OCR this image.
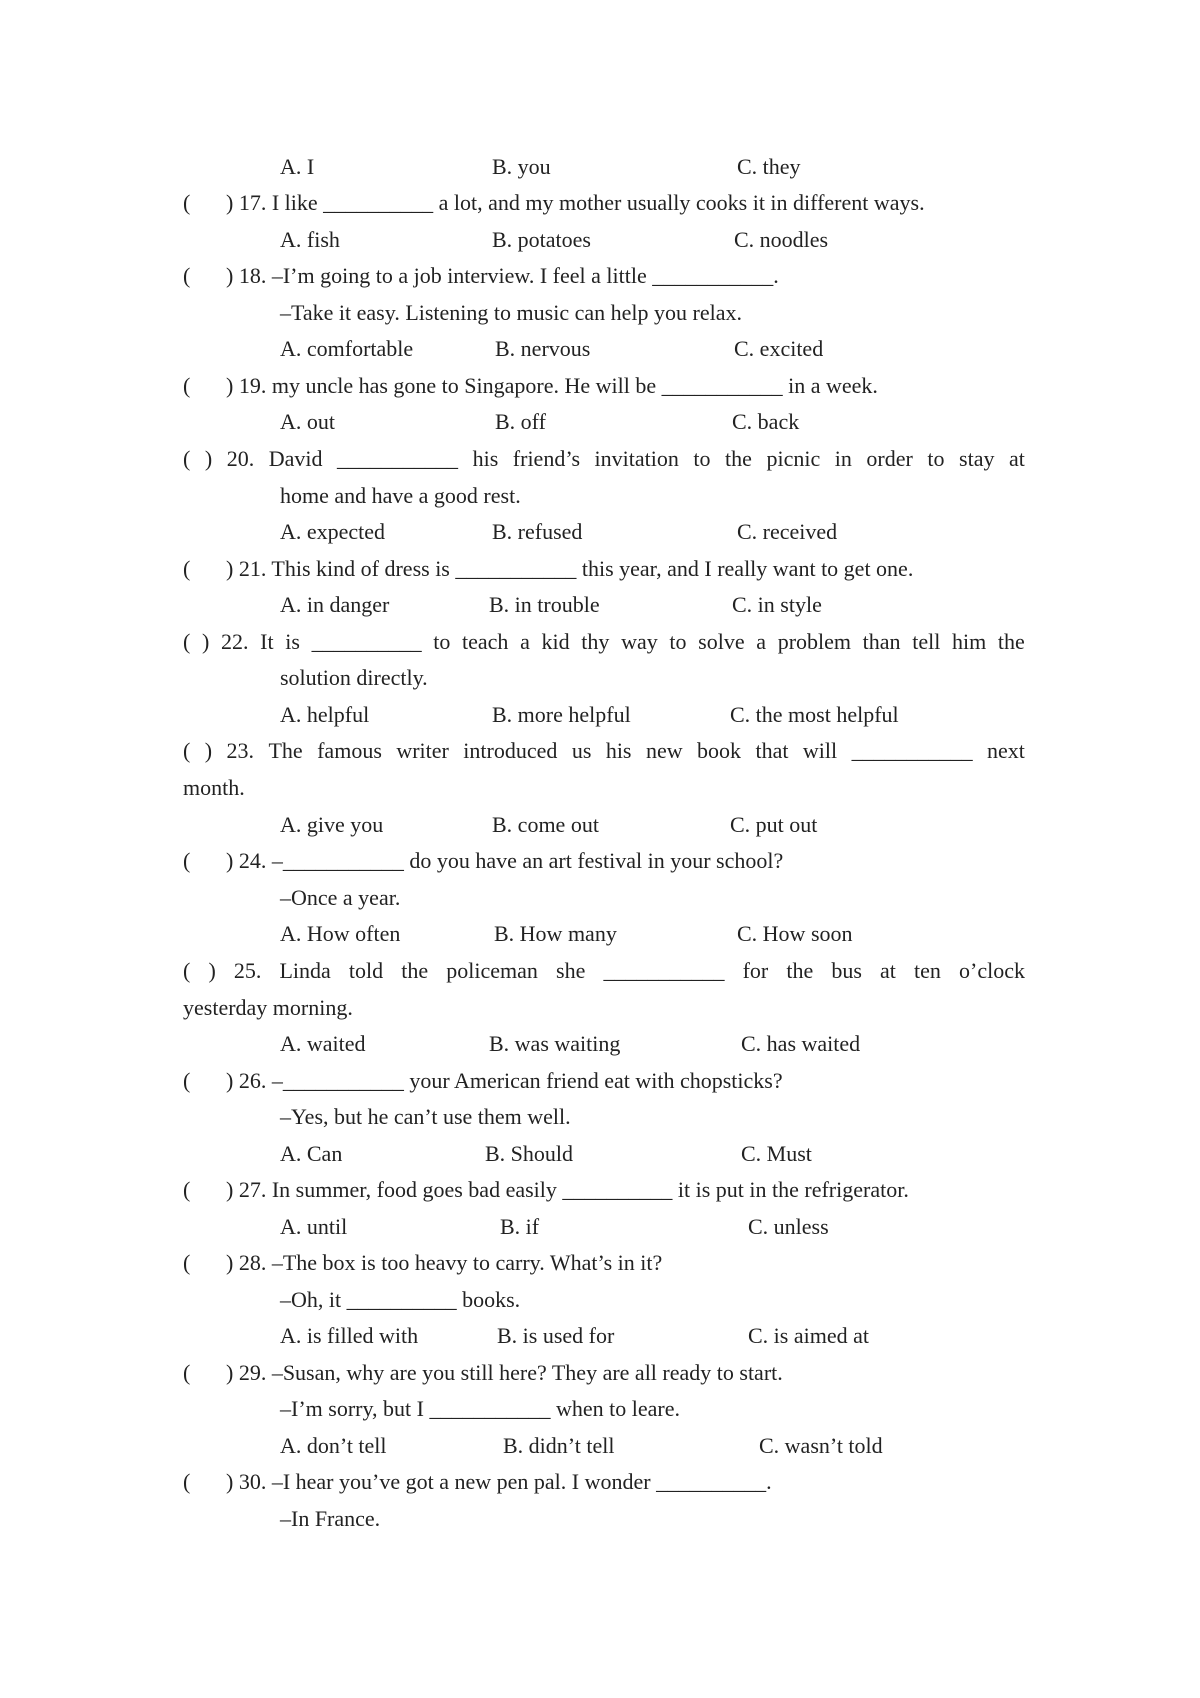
A. I	B. you	C. they
( ) 17. I like __________ a lot, and my mother usually cooks it in different ways.
A. fish	B. potatoes	C. noodles
( ) 18. –I’m going to a job interview. I feel a little ___________.
–Take it easy. Listening to music can help you relax.
A. comfortable	B. nervous	C. excited
( ) 19. my uncle has gone to Singapore. He will be ___________ in a week.
A. out	B. off	C. back
( ) 20. David ___________ his friend’s invitation to the picnic in order to stay at
home and have a good rest.
A. expected	B. refused	C. received
( ) 21. This kind of dress is ___________ this year, and I really want to get one.
A. in danger	B. in trouble	C. in style
( ) 22. It is __________ to teach a kid thy way to solve a problem than tell him the
solution directly.
A. helpful	B. more helpful	C. the most helpful
( ) 23. The famous writer introduced us his new book that will ___________ next
month.
A. give you	B. come out	C. put out
( ) 24. –___________ do you have an art festival in your school?
–Once a year.
A. How often	B. How many	C. How soon
( ) 25. Linda told the policeman she ___________ for the bus at ten o’clock
yesterday morning.
A. waited	B. was waiting	C. has waited
( ) 26. –___________ your American friend eat with chopsticks?
–Yes, but he can’t use them well.
A. Can	B. Should	C. Must
( ) 27. In summer, food goes bad easily __________ it is put in the refrigerator.
A. until	B. if	C. unless
( ) 28. –The box is too heavy to carry. What’s in it?
–Oh, it __________ books.
A. is filled with	B. is used for	C. is aimed at
( ) 29. –Susan, why are you still here? They are all ready to start.
–I’m sorry, but I ___________ when to leare.
A. don’t tell	B. didn’t tell	C. wasn’t told
( ) 30. –I hear you’ve got a new pen pal. I wonder __________.
–In France.
